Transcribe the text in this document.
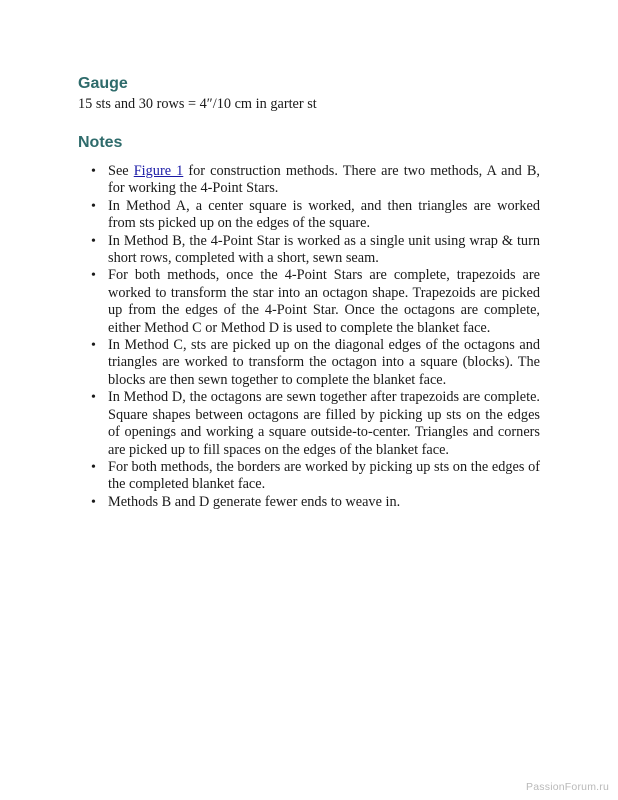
Gauge

15 sts and 30 rows = 4″/10 cm in garter st

Notes
• See Figure 1 for construction methods. There are two methods, A and B, for working the 4-Point Stars.
• In Method A, a center square is worked, and then triangles are worked from sts picked up on the edges of the square.
• In Method B, the 4-Point Star is worked as a single unit using wrap & turn short rows, completed with a short, sewn seam.
• For both methods, once the 4-Point Stars are complete, trapezoids are worked to transform the star into an octagon shape. Trapezoids are picked up from the edges of the 4-Point Star. Once the octagons are complete, either Method C or Method D is used to complete the blanket face.
• In Method C, sts are picked up on the diagonal edges of the octagons and triangles are worked to transform the octagon into a square (blocks). The blocks are then sewn together to complete the blanket face.
• In Method D, the octagons are sewn together after trapezoids are complete. Square shapes between octagons are filled by picking up sts on the edges of openings and working a square outside-to-center. Triangles and corners are picked up to fill spaces on the edges of the blanket face.
• For both methods, the borders are worked by picking up sts on the edges of the completed blanket face.
• Methods B and D generate fewer ends to weave in.
PassionForum.ru
